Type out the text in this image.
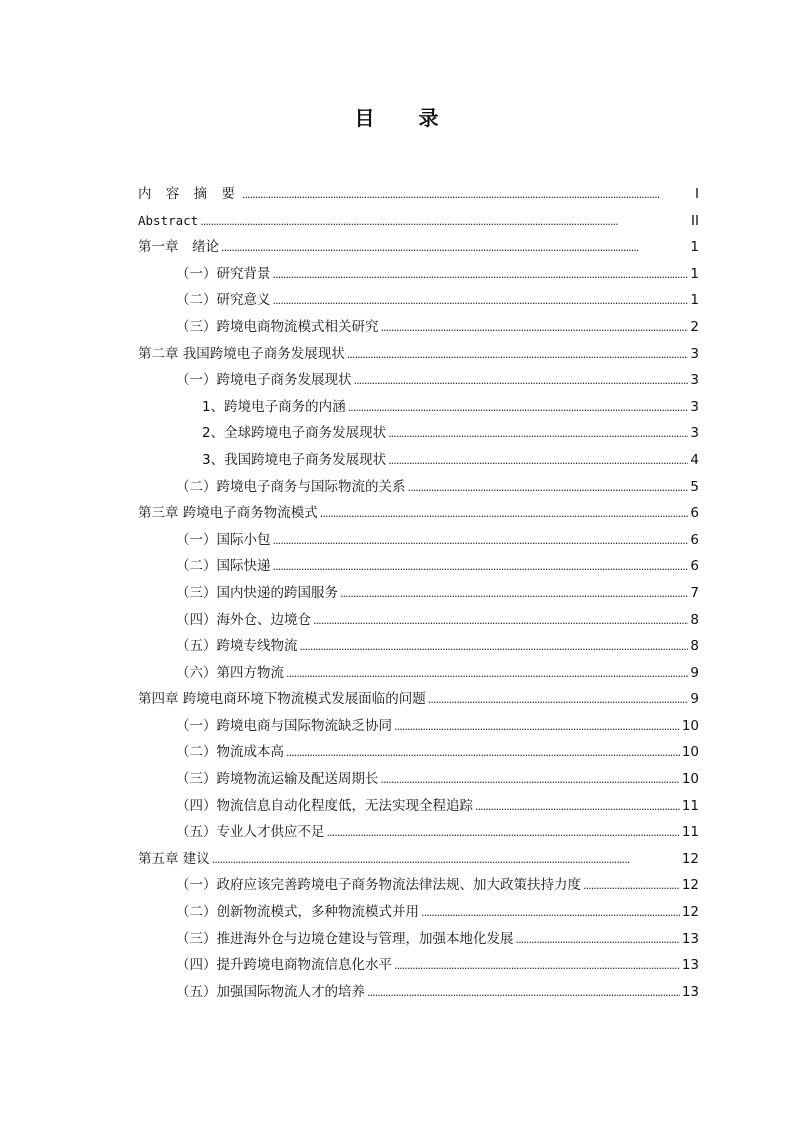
目 录
内 容 摘 要 . . .	I
Abstract . . .	II
第一章　绪论 . . .	1
（一）研究背景 . . .	1
（二）研究意义 . . .	1
（三）跨境电商物流模式相关研究 . . .	2
第二章 我国跨境电子商务发展现状 . . .	3
（一）跨境电子商务发展现状 . . .	3
1、跨境电子商务的内涵 . . .	3
2、全球跨境电子商务发展现状 . . .	3
3、我国跨境电子商务发展现状 . . .	4
（二）跨境电子商务与国际物流的关系 . . .	5
第三章 跨境电子商务物流模式 . . .	6
（一）国际小包 . . .	6
（二）国际快递 . . .	6
（三）国内快递的跨国服务 . . .	7
（四）海外仓、边境仓 . . .	8
（五）跨境专线物流 . . .	8
（六）第四方物流 . . .	9
第四章 跨境电商环境下物流模式发展面临的问题 . . .	9
（一）跨境电商与国际物流缺乏协同 . . .	10
（二）物流成本高 . . .	10
（三）跨境物流运输及配送周期长 . . .	10
（四）物流信息自动化程度低，无法实现全程追踪 . . .	11
（五）专业人才供应不足 . . .	11
第五章 建议 . . .	12
（一）政府应该完善跨境电子商务物流法律法规、加大政策扶持力度 . . .	12
（二）创新物流模式，多种物流模式并用 . . .	12
（三）推进海外仓与边境仓建设与管理，加强本地化发展 . . .	13
（四）提升跨境电商物流信息化水平 . . .	13
（五）加强国际物流人才的培养 . . .	13
